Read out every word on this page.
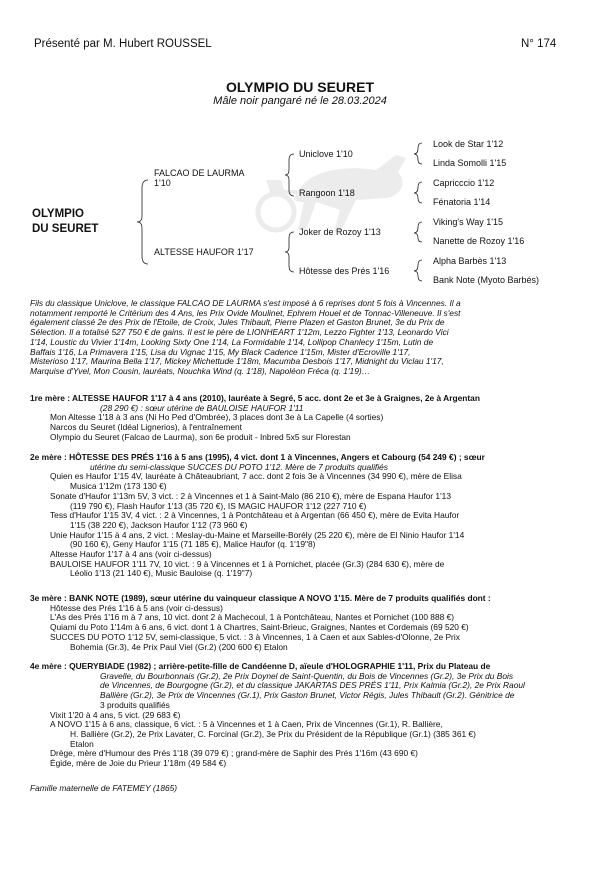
Présenté par M. Hubert ROUSSEL	N° 174
OLYMPIO DU SEURET
Mâle noir pangaré né le 28.03.2024
OLYMPIO
DU SEURET
FALCAO DE LAURMA
1'10
ALTESSE HAUFOR 1'17
Uniclove 1'10
Rangoon 1'18
Joker de Rozoy 1'13
Hôtesse des Prés 1'16
Look de Star 1'12
Linda Somolli 1'15
Capricccio 1'12
Fénatoria 1'14
Viking's Way 1'15
Nanette de Rozoy 1'16
Alpha Barbès 1'13
Bank Note (Myoto Barbés)

Fils du classique Uniclove, le classique FALCAO DE LAURMA s'est imposé à 6 reprises dont 5 fois à Vincennes. Il a

notamment remporté le Critérium des 4 Ans, les Prix Ovide Moulinet, Ephrem Houel et de Tonnac-Villeneuve. Il s'est

également classé 2e des Prix de l'Etoile, de Croix, Jules Thibault, Pierre Plazen et Gaston Brunet, 3e du Prix de

Sélection. Il a totalisé 527 750 € de gains. Il est le père de LIONHEART 1'12m, Lezzo Fighter 1'13, Leonardo Vici

1'14, Loustic du Vivier 1'14m, Looking Sixty One 1'14, La Formidable 1'14, Lollipop Chanlecy 1'15m, Lutin de

Baffais 1'16, La Primavera 1'15, Lisa du Vignac 1'15, My Black Cadence 1'15m, Mister d'Ecroville 1'17,

Misterioso 1'17, Maurina Bella 1'17, Mickey Michettude 1'18m, Macumba Desbois 1'17, Midnight du Viclau 1'17,

Marquise d'Yvel, Mon Cousin, lauréats, Nouchka Wind (q. 1'18), Napoléon Fréca (q. 1'19)…

1re mère : ALTESSE HAUFOR 1'17 à 4 ans (2010), lauréate à Segré, 5 acc. dont 2e et 3e à Graignes, 2e à Argentan

(28 290 €) : sœur utérine de BAULOISE HAUFOR 1'11

Mon Altesse 1'18 à 3 ans (Ni Ho Ped d'Ombrée), 3 places dont 3e à La Capelle (4 sorties)

Narcos du Seuret (Idéal Lignerios), à l'entraînement

Olympio du Seuret (Falcao de Laurma), son 6e produit - Inbred 5x5 sur Florestan

2e mère : HÔTESSE DES PRÉS 1'16 à 5 ans (1995), 4 vict. dont 1 à Vincennes, Angers et Cabourg (54 249 €) ; sœur

utérine du semi-classique SUCCES DU POTO 1'12. Mère de 7 produits qualifiés

Quien es Haufor 1'15 4V, lauréate à Châteaubriant, 7 acc. dont 2 fois 3e à Vincennes (34 990 €), mère de Elisa

Musica 1'12m (173 130 €)

Sonate d'Haufor 1'13m 5V, 3 vict. : 2 à Vincennes et 1 à Saint-Malo (86 210 €), mère de Espana Haufor 1'13

(119 790 €), Flash Haufor 1'13 (35 720 €), IS MAGIC HAUFOR 1'12 (227 710 €)

Tess d'Haufor 1'15 3V, 4 vict. : 2 à Vincennes, 1 à Pontchâteau et à Argentan (66 450 €), mère de Evita Haufor

1'15 (38 220 €), Jackson Haufor 1'12 (73 960 €)

Unie Haufor 1'15 à 4 ans, 2 vict. : Meslay-du-Maine et Marseille-Borély (25 220 €), mère de El Ninio Haufor 1'14

(90 160 €), Geny Haufor 1'15 (71 185 €), Malice Haufor (q. 1'19"8)

Altesse Haufor 1'17 à 4 ans (voir ci-dessus)

BAULOISE HAUFOR 1'11 7V, 10 vict. : 9 à Vincennes et 1 à Pornichet, placée (Gr.3) (284 630 €), mère de

Léolio 1'13 (21 140 €), Music Bauloise (q. 1'19"7)

3e mère : BANK NOTE (1989), sœur utérine du vainqueur classique A NOVO 1'15. Mère de 7 produits qualifiés dont :

Hôtesse des Prés 1'16 à 5 ans (voir ci-dessus)

L'As des Prés 1'16 m à 7 ans, 10 vict. dont 2 à Machecoul, 1 à Pontchâteau, Nantes et Pornichet (100 888 €)

Quiami du Poto 1'14m à 6 ans, 6 vict. dont 1 à Chartres, Saint-Brieuc, Graignes, Nantes et Cordemais (69 520 €)

SUCCES DU POTO 1'12 5V, semi-classique, 5 vict. : 3 à Vincennes, 1 à Caen et aux Sables-d'Olonne, 2e Prix

Bohemia (Gr.3), 4e Prix Paul Viel (Gr.2) (200 600 €) Etalon

4e mère : QUERYBIADE (1982) ; arrière-petite-fille de Candéenne D, aïeule d'HOLOGRAPHIE 1'11, Prix du Plateau de

Gravelle, du Bourbonnais (Gr.2), 2e Prix Doynel de Saint-Quentin, du Bois de Vincennes (Gr.2), 3e Prix du Bois

de Vincennes, de Bourgogne (Gr.2), et du classique JAKARTAS DES PRÉS 1'11, Prix Kalmia (Gr.2), 2e Prix Raoul

Ballière (Gr.2), 3e Prix de Vincennes (Gr.1), Prix Gaston Brunet, Victor Régis, Jules Thibault (Gr.2). Génitrice de

3 produits qualifiés

Vixit 1'20 à 4 ans, 5 vict. (29 683 €)

A NOVO 1'15 à 6 ans, classique, 6 vict. : 5 à Vincennes et 1 à Caen, Prix de Vincennes (Gr.1), R. Ballière,

H. Ballière (Gr.2), 2e Prix Lavater, C. Forcinal (Gr.2), 3e Prix du Président de la République (Gr.1) (385 361 €)

Etalon

Drège, mère d'Humour des Prés 1'18 (39 079 €) ; grand-mère de Saphir des Prés 1'16m (43 690 €)

Égide, mère de Joie du Prieur 1'18m (49 584 €)

Famille maternelle de FATEMEY (1865)
